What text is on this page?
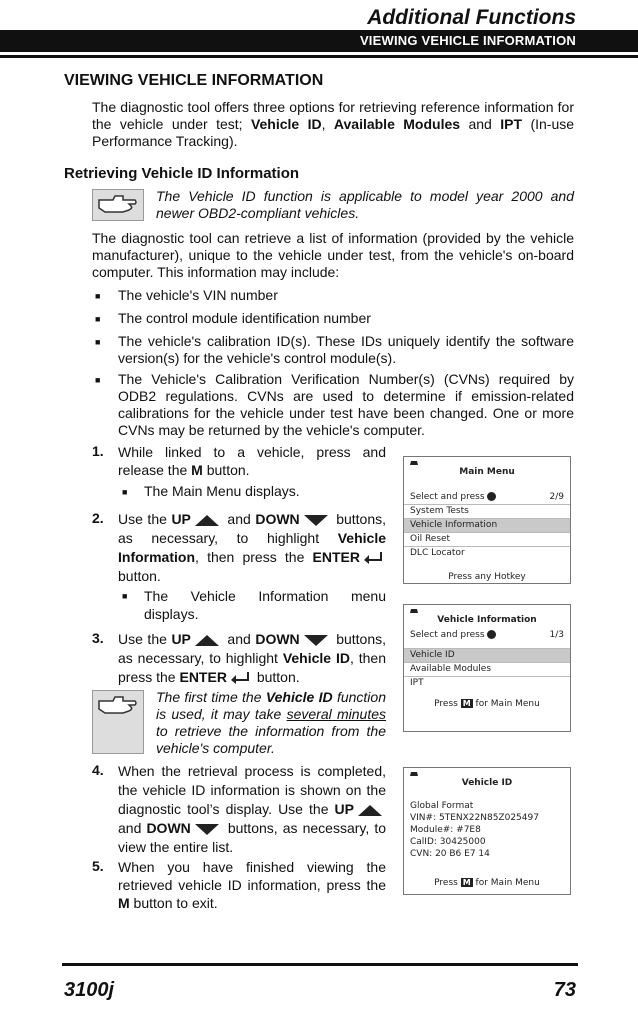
Additional Functions
VIEWING VEHICLE INFORMATION
VIEWING VEHICLE INFORMATION
The diagnostic tool offers three options for retrieving reference information for the vehicle under test; Vehicle ID, Available Modules and IPT (In-use Performance Tracking).
Retrieving Vehicle ID Information
The Vehicle ID function is applicable to model year 2000 and newer OBD2-compliant vehicles.
The diagnostic tool can retrieve a list of information (provided by the vehicle manufacturer), unique to the vehicle under test, from the vehicle's on-board computer. This information may include:
■ The vehicle's VIN number
■ The control module identification number
■ The vehicle's calibration ID(s). These IDs uniquely identify the software version(s) for the vehicle's control module(s).
■ The Vehicle's Calibration Verification Number(s) (CVNs) required by ODB2 regulations. CVNs are used to determine if emission-related calibrations for the vehicle under test have been changed. One or more CVNs may be returned by the vehicle's computer.
1. While linked to a vehicle, press and release the M button.
■ The Main Menu displays.
2. Use the UP and DOWN buttons, as necessary, to highlight Vehicle Information, then press the ENTER button.
■ The Vehicle Information menu displays.
3. Use the UP and DOWN buttons, as necessary, to highlight Vehicle ID, then press the ENTER button.
The first time the Vehicle ID function is used, it may take several minutes to retrieve the information from the vehicle's computer.
4. When the retrieval process is completed, the vehicle ID information is shown on the diagnostic tool’s display. Use the UP and DOWN buttons, as necessary, to view the entire list.
5. When you have finished viewing the retrieved vehicle ID information, press the M button to exit.
Main Menu
Select and press	2/9
System Tests
Vehicle Information
Oil Reset
DLC Locator
Press any Hotkey
Vehicle Information
Select and press	1/3
Vehicle ID
Available Modules
IPT
Press M for Main Menu
Vehicle ID
Global Format
VIN#: 5TENX22N85Z025497
Module#: #7E8
CalID: 30425000
CVN: 20 B6 E7 14
Press M for Main Menu
3100j	73
